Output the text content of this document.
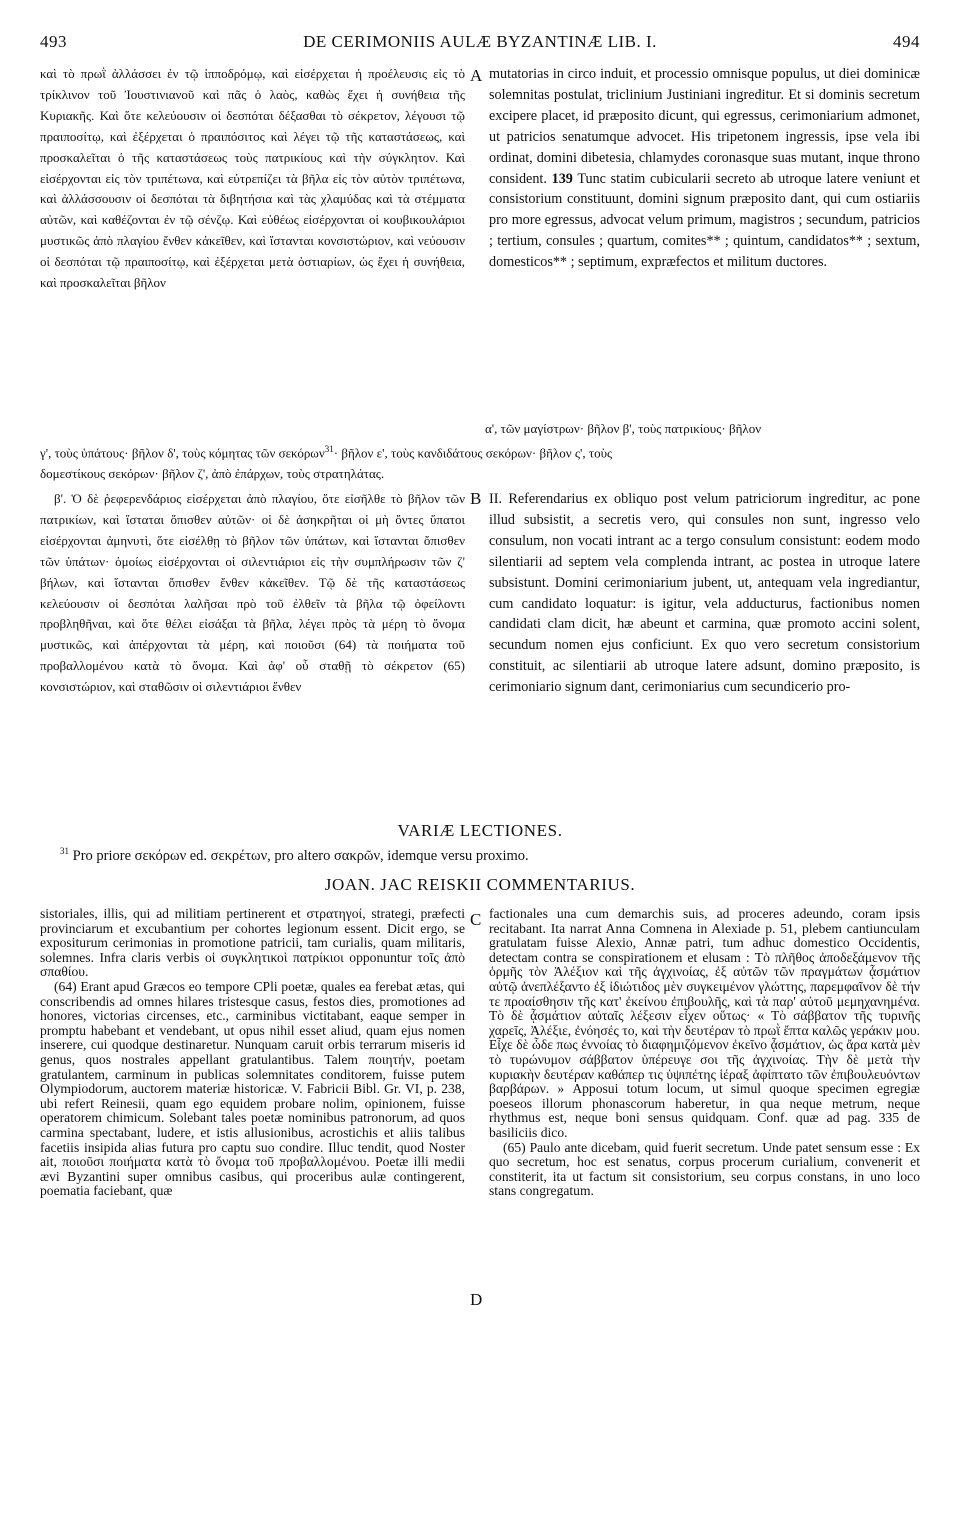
493	DE CERIMONIIS AULÆ BYZANTINÆ LIB. I.	494

καὶ τὸ πρωῒ ἀλλάσσει ἐν τῷ ἱπποδρόμῳ, καὶ εἰσέρχεται ἡ προέλευσις εἰς τὸ τρίκλινον τοῦ Ἰουστινιανοῦ καὶ πᾶς ὁ λαὸς, καθὼς ἔχει ἡ συνήθεια τῆς Κυριακῆς. Καὶ ὅτε κελεύουσιν οἱ δεσπόται δέξασθαι τὸ σέκρετον, λέγουσι τῷ πραιποσίτῳ, καὶ ἐξέρχεται ὁ πραιπόσιτος καὶ λέγει τῷ τῆς καταστάσεως, καὶ προσκαλεῖται ὁ τῆς καταστάσεως τοὺς πατρικίους καὶ τὴν σύγκλητον. Καὶ εἰσέρχονται εἰς τὸν τριπέτωνα, καὶ εὐτρεπίζει τὰ βῆλα εἰς τὸν αὐτὸν τριπέτωνα, καὶ ἀλλάσσουσιν οἱ δεσπόται τὰ διβητήσια καὶ τὰς χλαμύδας καὶ τὰ στέμματα αὐτῶν, καὶ καθέζονται ἐν τῷ σένζῳ. Καὶ εὐθέως εἰσέρχονται οἱ κουβικουλάριοι μυστικῶς ἀπὸ πλαγίου ἔνθεν κἀκεῖθεν, καὶ ἵστανται κονσιστώριον, καὶ νεύουσιν οἱ δεσπόται τῷ πραιποσίτῳ, καὶ ἐξέρχεται μετὰ ὀστιαρίων, ὡς ἔχει ἡ συνήθεια, καὶ προσκαλεῖται βῆλον

A mutatorias in circo induit, et processio omnisque populus, ut diei dominicæ solemnitas postulat, triclinium Justiniani ingreditur. Et si dominis secretum excipere placet, id præposito dicunt, qui egressus, cerimoniarium admonet, ut patricios senatumque advocet. His tripetonem ingressis, ipse vela ibi ordinat, domini dibetesia, chlamydes coronasque suas mutant, inque throno consident. 139 Tunc statim cubicularii secreto ab utroque latere veniunt et consistorium constituunt, domini signum præposito dant, qui cum ostiariis pro more egressus, advocat velum primum, magistros ; secundum, patricios ; tertium, consules ; quartum, comites** ; quintum, candidatos** ; sextum, domesticos** ; septimum, expræfectos et militum ductores.

α', τῶν μαγίστρων· βῆλον β', τοὺς πατρικίους· βῆλον
γ', τοὺς ὑπάτους· βῆλον δ', τοὺς κόμητας τῶν σεκόρων$^{31}$· βῆλον ε', τοὺς κανδιδάτους σεκόρων· βῆλον ς', τοὺς
δομεστίκους σεκόρων· βῆλον ζ', ἀπὸ ἐπάρχων, τοὺς στρατηλάτας.

β'. Ὁ δὲ ῥεφερενδάριος εἰσέρχεται ἀπὸ πλαγίου, ὅτε εἰσῆλθε τὸ βῆλον τῶν πατρικίων, καὶ ἵσταται ὄπισθεν αὐτῶν· οἱ δὲ ἀσηκρῆται οἱ μὴ ὄντες ὕπατοι εἰσέρχονται ἀμηνυτὶ, ὅτε εἰσέλθῃ τὸ βῆλον τῶν ὑπάτων, καὶ ἵστανται ὄπισθεν τῶν ὑπάτων· ὁμοίως εἰσέρχονται οἱ σιλεντιάριοι εἰς τὴν συμπλήρωσιν τῶν ζ' βήλων, καὶ ἵστανται ὄπισθεν ἔνθεν κἀκεῖθεν. Τῷ δὲ τῆς καταστάσεως κελεύουσιν οἱ δεσπόται λαλῆσαι πρὸ τοῦ ἐλθεῖν τὰ βῆλα τῷ ὀφείλοντι προβληθῆναι, καὶ ὅτε θέλει εἰσάξαι τὰ βῆλα, λέγει πρὸς τὰ μέρη τὸ ὄνομα μυστικῶς, καὶ ἀπέρχονται τὰ μέρη, καὶ ποιοῦσι (64) τὰ ποιήματα τοῦ προβαλλομένου κατὰ τὸ ὄνομα. Καὶ ἀφ' οὗ σταθῇ τὸ σέκρετον (65) κονσιστώριον, καὶ σταθῶσιν οἱ σιλεντιάριοι ἔνθεν

B II. Referendarius ex obliquo post velum patriciorum ingreditur, ac pone illud subsistit, a secretis vero, qui consules non sunt, ingresso velo consulum, non vocati intrant ac a tergo consulum consistunt: eodem modo silentiarii ad septem vela complenda intrant, ac postea in utroque latere subsistunt. Domini cerimoniarium jubent, ut, antequam vela ingrediantur, cum candidato loquatur: is igitur, vela adducturus, factionibus nomen candidati clam dicit, hæ abeunt et carmina, quæ promoto accini solent, secundum nomen ejus conficiunt. Ex quo vero secretum consistorium constituit, ac silentiarii ab utroque latere adsunt, domino præposito, is cerimoniario signum dant, cerimoniarius cum secundicerio pro-

VARIÆ LECTIONES.
$^{31}$ Pro priore σεκόρων ed. σεκρέτων, pro altero σακρῶν, idemque versu proximo.
JOAN. JAC REISKII COMMENTARIUS.

sistoriales, illis, qui ad militiam pertinerent et στρατηγοί, strategi, præfecti provinciarum et excubantium per cohortes legionum essent. Dicit ergo, se expositurum cerimonias in promotione patricii, tam curialis, quam militaris, solemnes. Infra claris verbis οἱ συγκλητικοὶ πατρίκιοι opponuntur τοῖς ἀπὸ σπαθίου.

(64) Erant apud Græcos eo tempore CPli poetæ, quales ea ferebat ætas, qui conscribendis ad omnes hilares tristesque casus, festos dies, promotiones ad honores, victorias circenses, etc., carminibus victitabant, eaque semper in promptu habebant et vendebant, ut opus nihil esset aliud, quam ejus nomen inserere, cui quodque destinaretur. Nunquam caruit orbis terrarum miseris id genus, quos nostrales appellant gratulantibus. Talem ποιητήν, poetam gratulantem, carminum in publicas solemnitates conditorem, fuisse putem Olympiodorum, auctorem materiæ historicæ. V. Fabricii Bibl. Gr. VI, p. 238, ubi refert Reinesii, quam ego equidem probare nolim, opinionem, fuisse operatorem chimicum. Solebant tales poetæ nominibus patronorum, ad quos carmina spectabant, ludere, et istis allusionibus, acrostichis et aliis talibus facetiis insipida alias futura pro captu suo condire. Illuc tendit, quod Noster ait, ποιοῦσι ποιήματα κατὰ τὸ ὄνομα τοῦ προβαλλομένου. Poetæ illi medii ævi Byzantini super omnibus casibus, qui proceribus aulæ contingerent, poematia faciebant, quæ

C
D

factionales una cum demarchis suis, ad proceres adeundo, coram ipsis recitabant. Ita narrat Anna Comnena in Alexiade p. 51, plebem cantiunculam gratulatam fuisse Alexio, Annæ patri, tum adhuc domestico Occidentis, detectam contra se conspirationem et elusam : Τὸ πλῆθος ἀποδεξάμενον τῆς ὁρμῆς τὸν Ἀλέξιον καὶ τῆς ἀγχινοίας, ἐξ αὐτῶν τῶν πραγμάτων ᾆσμάτιον αὐτῷ ἀνεπλέξαντο ἐξ ἰδιώτιδος μὲν συγκειμένον γλώττης, παρεμφαῖνον δὲ τήν τε προαίσθησιν τῆς κατ' ἐκείνου ἐπιβουλῆς, καὶ τὰ παρ' αὐτοῦ μεμηχανημένα. Τὸ δὲ ᾆσμάτιον αὐταῖς λέξεσιν εἶχεν οὕτως· « Τὸ σάββατον τῆς τυρινῆς χαρεῖς, Ἀλέξιε, ἐνόησές το, καὶ τὴν δευτέραν τὸ πρωῒ ἔπτα καλῶς γεράκιν μου. Εἶχε δὲ ὧδε πως ἐννοίας τὸ διαφημιζόμενον ἐκεῖνο ᾆσμάτιον, ὡς ἄρα κατὰ μὲν τὸ τυρώνυμον σάββατον ὑπέρευγε σοι τῆς ἀγχινοίας. Τὴν δὲ μετὰ τὴν κυριακὴν δευτέραν καθάπερ τις ὑψιπέτης ἱέραξ ἀφίπτατο τῶν ἐπιβουλευόντων βαρβάρων. » Apposui totum locum, ut simul quoque specimen egregiæ poeseos illorum phonascorum haberetur, in qua neque metrum, neque rhythmus est, neque boni sensus quidquam. Conf. quæ ad pag. 335 de basiliciis dico.

(65) Paulo ante dicebam, quid fuerit secretum. Unde patet sensum esse : Ex quo secretum, hoc est senatus, corpus procerum curialium, convenerit et constiterit, ita ut factum sit consistorium, seu corpus constans, in uno loco stans congregatum.
